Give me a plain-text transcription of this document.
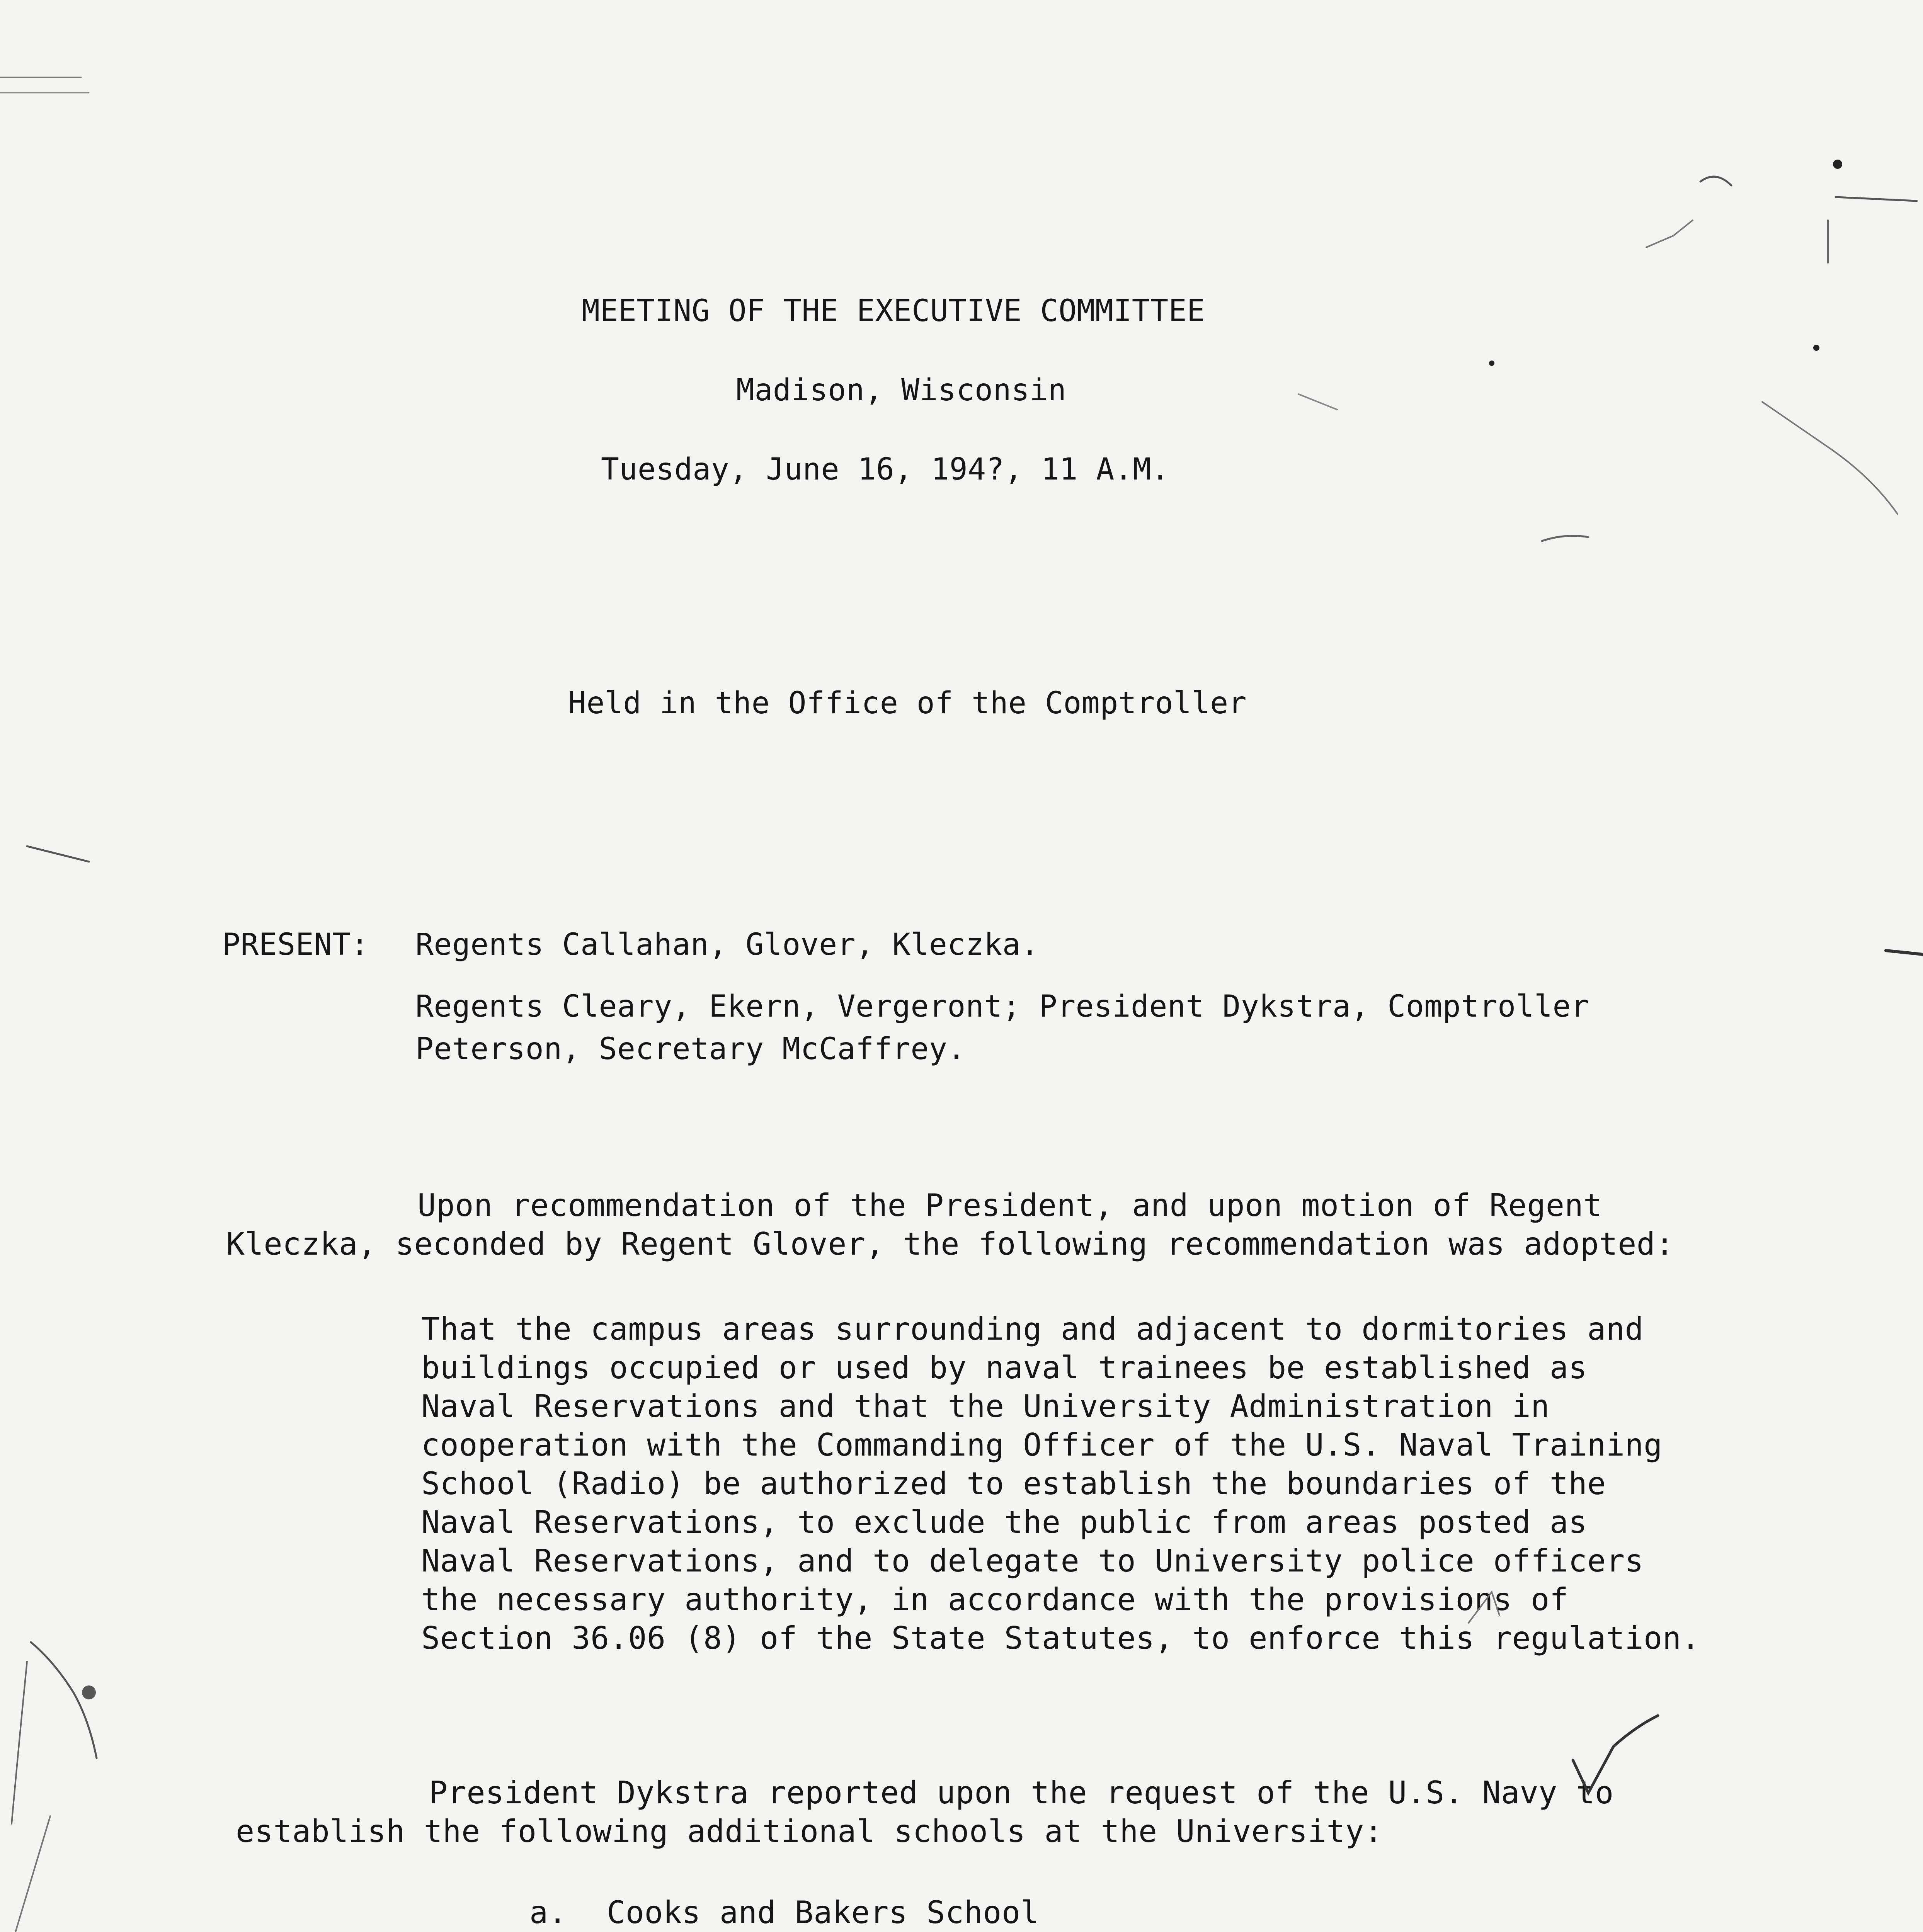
MEETING OF THE EXECUTIVE COMMITTEE
Madison, Wisconsin
Tuesday, June 16, 194?, 11 A.M.
Held in the Office of the Comptroller
PRESENT: Regents Callahan, Glover, Kleczka.
Regents Cleary, Ekern, Vergeront; President Dykstra, Comptroller
Peterson, Secretary McCaffrey.
Upon recommendation of the President, and upon motion of Regent
Kleczka, seconded by Regent Glover, the following recommendation was adopted:
That the campus areas surrounding and adjacent to dormitories and
buildings occupied or used by naval trainees be established as
Naval Reservations and that the University Administration in
cooperation with the Commanding Officer of the U.S. Naval Training
School (Radio) be authorized to establish the boundaries of the
Naval Reservations, to exclude the public from areas posted as
Naval Reservations, and to delegate to University police officers
the necessary authority, in accordance with the provisions of
Section 36.06 (8) of the State Statutes, to enforce this regulation.
President Dykstra reported upon the request of the U.S. Navy to
establish the following additional schools at the University:
a. Cooks and Bakers School
